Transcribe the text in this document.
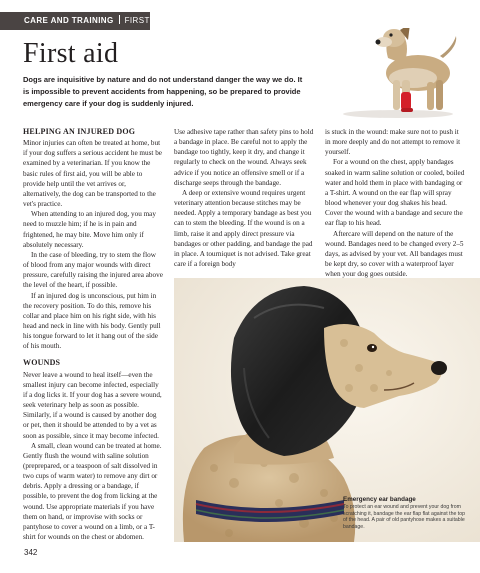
CARE AND TRAINING FIRST AID
First aid

Dogs are inquisitive by nature and do not understand danger the way we do. It is impossible to prevent accidents from happening, so be prepared to provide emergency care if your dog is suddenly injured.

HELPING AN INJURED DOG

Minor injuries can often be treated at home, but if your dog suffers a serious accident he must be examined by a veterinarian. If you know the basic rules of first aid, you will be able to provide help until the vet arrives or, alternatively, the dog can be transported to the vet's practice.

When attending to an injured dog, you may need to muzzle him; if he is in pain and frightened, he may bite. Move him only if absolutely necessary.

In the case of bleeding, try to stem the flow of blood from any major wounds with direct pressure, carefully raising the injured area above the level of the heart, if possible.

If an injured dog is unconscious, put him in the recovery position. To do this, remove his collar and place him on his right side, with his head and neck in line with his body. Gently pull his tongue forward to let it hang out of the side of his mouth.

WOUNDS

Never leave a wound to heal itself—even the smallest injury can become infected, especially if a dog licks it. If your dog has a severe wound, seek veterinary help as soon as possible. Similarly, if a wound is caused by another dog or pet, then it should be attended to by a vet as soon as possible, since it may become infected.

A small, clean wound can be treated at home. Gently flush the wound with saline solution (preprepared, or a teaspoon of salt dissolved in two cups of warm water) to remove any dirt or debris. Apply a dressing or a bandage, if possible, to prevent the dog from licking at the wound. Use appropriate materials if you have them on hand, or improvise with socks or pantyhose to cover a wound on a limb, or a T-shirt for wounds on the chest or abdomen.

Use adhesive tape rather than safety pins to hold a bandage in place. Be careful not to apply the bandage too tightly, keep it dry, and change it regularly to check on the wound. Always seek advice if you notice an offensive smell or if a discharge seeps through the bandage.

A deep or extensive wound requires urgent veterinary attention because stitches may be needed. Apply a temporary bandage as best you can to stem the bleeding. If the wound is on a limb, raise it and apply direct pressure via bandages or other padding, and bandage the pad in place. A tourniquet is not advised. Take great care if a foreign body

is stuck in the wound: make sure not to push it in more deeply and do not attempt to remove it yourself.

For a wound on the chest, apply bandages soaked in warm saline solution or cooled, boiled water and hold them in place with bandaging or a T-shirt. A wound on the ear flap will spray blood whenever your dog shakes his head. Cover the wound with a bandage and secure the ear flap to his head.

Aftercare will depend on the nature of the wound. Bandages need to be changed every 2–5 days, as advised by your vet. All bandages must be kept dry, so cover with a waterproof layer when your dog goes outside.

Emergency ear bandage
To protect an ear wound and prevent your dog from scratching it, bandage the ear flap flat against the top of the head. A pair of old pantyhose makes a suitable bandage.
342
